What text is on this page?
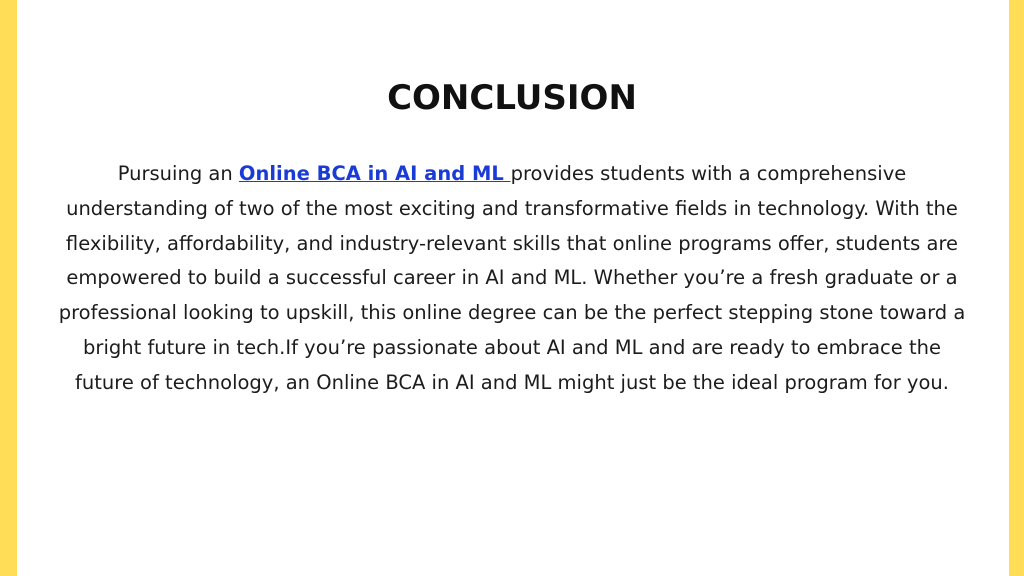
CONCLUSION

Pursuing an Online BCA in AI and ML provides students with a comprehensive understanding of two of the most exciting and transformative fields in technology. With the flexibility, affordability, and industry-relevant skills that online programs offer, students are empowered to build a successful career in AI and ML. Whether you’re a fresh graduate or a professional looking to upskill, this online degree can be the perfect stepping stone toward a bright future in tech.If you’re passionate about AI and ML and are ready to embrace the future of technology, an Online BCA in AI and ML might just be the ideal program for you.
